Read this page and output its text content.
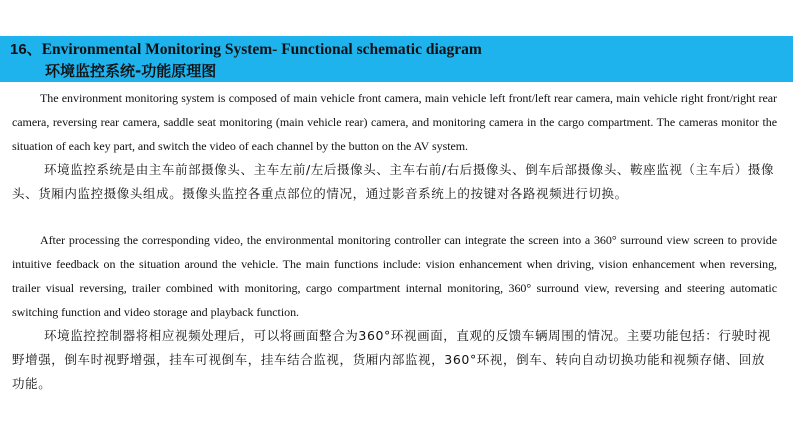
16、Environmental Monitoring System- Functional schematic diagram
环境监控系统-功能原理图

The environment monitoring system is composed of main vehicle front camera, main vehicle left front/left rear camera, main vehicle right front/right rear camera, reversing rear camera, saddle seat monitoring (main vehicle rear) camera, and monitoring camera in the cargo compartment. The cameras monitor the situation of each key part, and switch the video of each channel by the button on the AV system.

环境监控系统是由主车前部摄像头、主车左前/左后摄像头、主车右前/右后摄像头、倒车后部摄像头、鞍座监视（主车后）摄像头、货厢内监控摄像头组成。摄像头监控各重点部位的情况，通过影音系统上的按键对各路视频进行切换。

After processing the corresponding video, the environmental monitoring controller can integrate the screen into a 360° surround view screen to provide intuitive feedback on the situation around the vehicle. The main functions include: vision enhancement when driving, vision enhancement when reversing, trailer visual reversing, trailer combined with monitoring, cargo compartment internal monitoring, 360° surround view, reversing and steering automatic switching function and video storage and playback function.

环境监控控制器将相应视频处理后，可以将画面整合为360°环视画面，直观的反馈车辆周围的情况。主要功能包括：行驶时视野增强，倒车时视野增强，挂车可视倒车，挂车结合监视，货厢内部监视，360°环视，倒车、转向自动切换功能和视频存储、回放功能。
